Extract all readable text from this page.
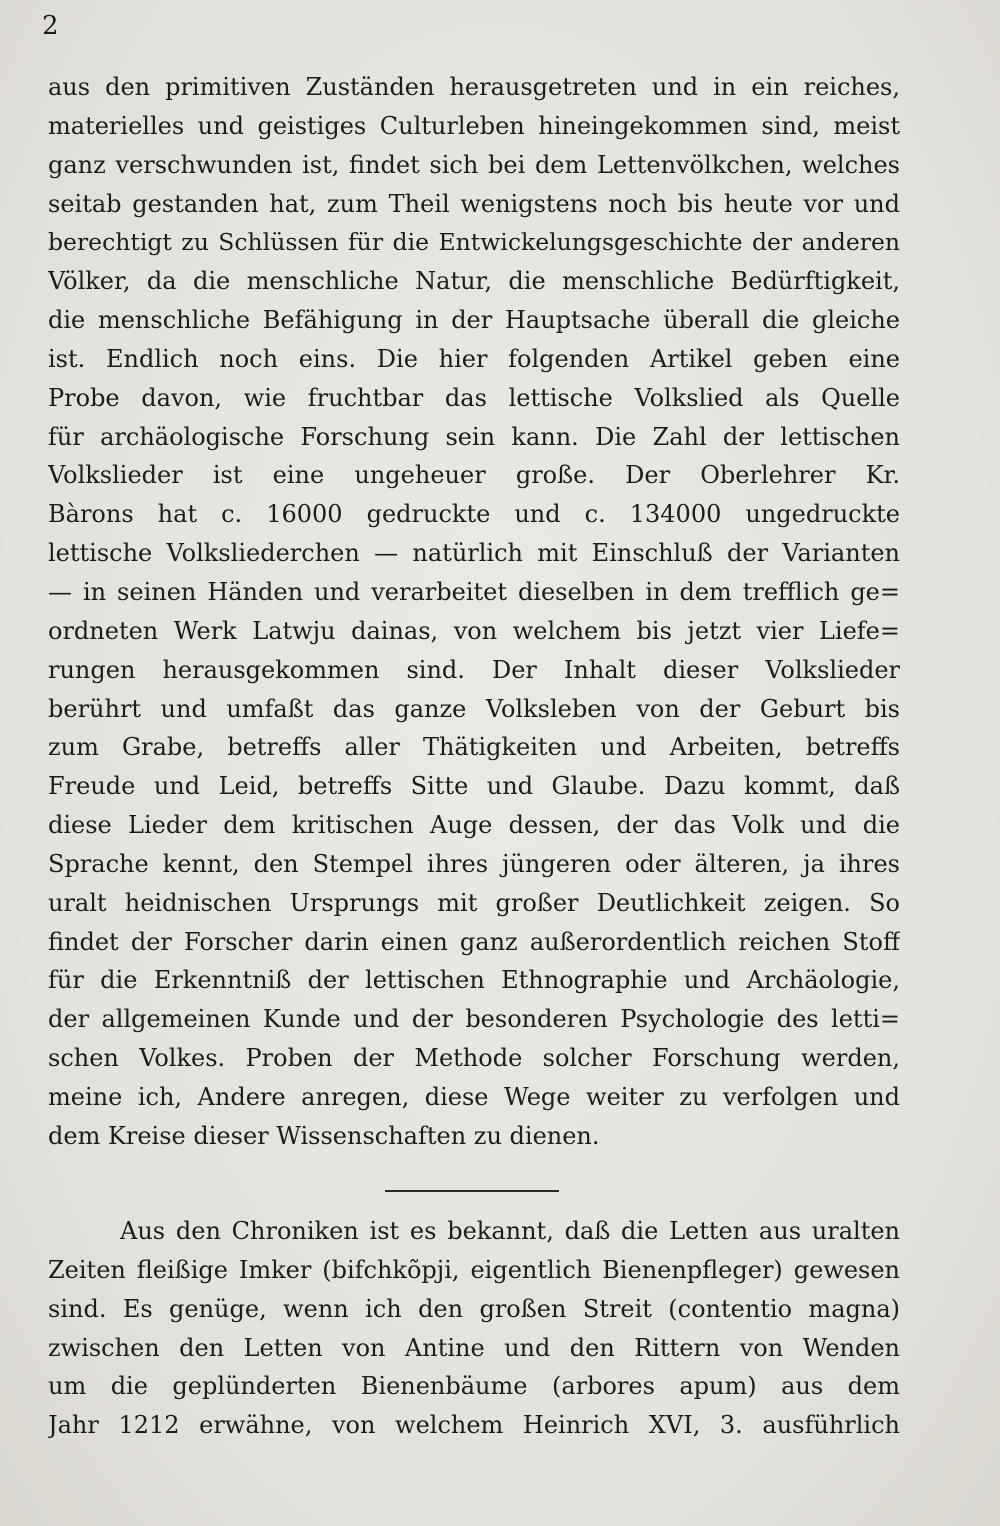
2
aus den primitiven Zuständen herausgetreten und in ein reiches,
materielles und geistiges Culturleben hineingekommen sind, meist
ganz verschwunden ist, findet sich bei dem Lettenvölkchen, welches
seitab gestanden hat, zum Theil wenigstens noch bis heute vor und
berechtigt zu Schlüssen für die Entwickelungsgeschichte der anderen
Völker, da die menschliche Natur, die menschliche Bedürftigkeit,
die menschliche Befähigung in der Hauptsache überall die gleiche
ist. Endlich noch eins. Die hier folgenden Artikel geben eine
Probe davon, wie fruchtbar das lettische Volkslied als Quelle
für archäologische Forschung sein kann. Die Zahl der lettischen
Volkslieder ist eine ungeheuer große. Der Oberlehrer Kr.
Bàrons hat c. 16000 gedruckte und c. 134000 ungedruckte
lettische Volksliederchen — natürlich mit Einschluß der Varianten
— in seinen Händen und verarbeitet dieselben in dem trefflich ge=
ordneten Werk Latwju dainas, von welchem bis jetzt vier Liefe=
rungen herausgekommen sind. Der Inhalt dieser Volkslieder
berührt und umfaßt das ganze Volksleben von der Geburt bis
zum Grabe, betreffs aller Thätigkeiten und Arbeiten, betreffs
Freude und Leid, betreffs Sitte und Glaube. Dazu kommt, daß
diese Lieder dem kritischen Auge dessen, der das Volk und die
Sprache kennt, den Stempel ihres jüngeren oder älteren, ja ihres
uralt heidnischen Ursprungs mit großer Deutlichkeit zeigen. So
findet der Forscher darin einen ganz außerordentlich reichen Stoff
für die Erkenntniß der lettischen Ethnographie und Archäologie,
der allgemeinen Kunde und der besonderen Psychologie des letti=
schen Volkes. Proben der Methode solcher Forschung werden,
meine ich, Andere anregen, diese Wege weiter zu verfolgen und
dem Kreise dieser Wissenschaften zu dienen.
Aus den Chroniken ist es bekannt, daß die Letten aus uralten
Zeiten fleißige Imker (bifchkõpji, eigentlich Bienenpfleger) gewesen
sind. Es genüge, wenn ich den großen Streit (contentio magna)
zwischen den Letten von Antine und den Rittern von Wenden
um die geplünderten Bienenbäume (arbores apum) aus dem
Jahr 1212 erwähne, von welchem Heinrich XVI, 3. ausführlich
